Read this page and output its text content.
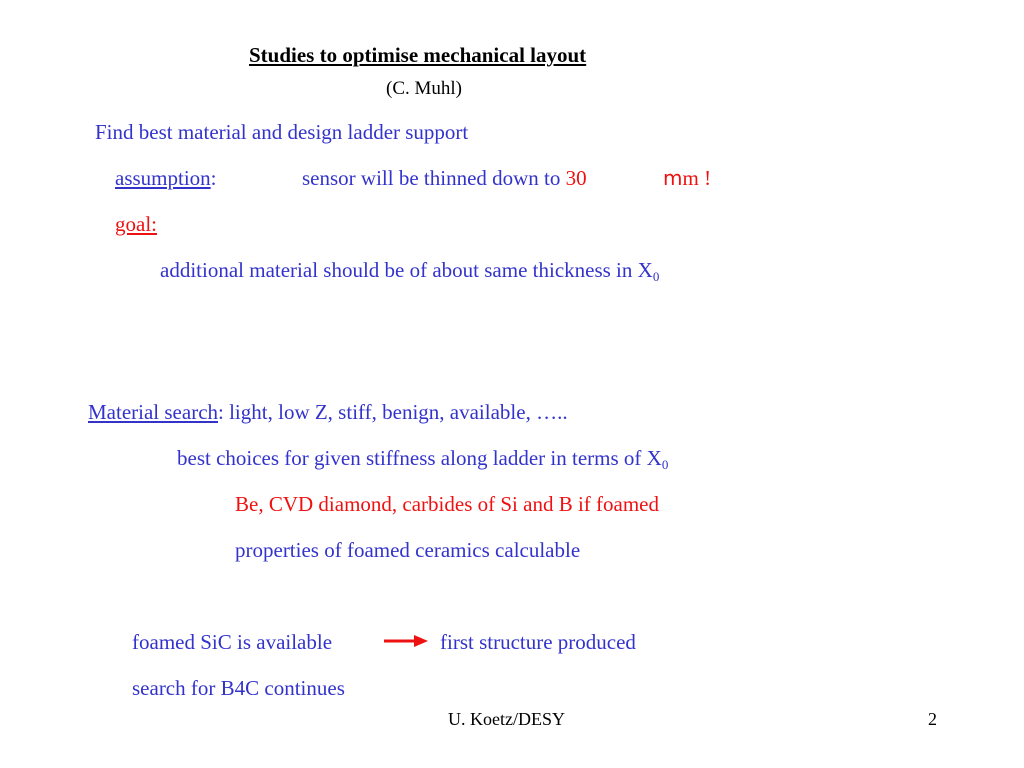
Studies to optimise mechanical layout
(C. Muhl)
Find best material and design ladder support
assumption:	sensor will be thinned down to 30	mm !
goal:
additional material should be of about same thickness in $X_0$
Material search: light, low Z, stiff, benign, available, …..
best choices for given stiffness along ladder in terms of $X_0$
Be, CVD diamond, carbides of Si and B if foamed
properties of foamed ceramics calculable
foamed SiC is available	first structure produced
search for B4C continues
U. Koetz/DESY	2
